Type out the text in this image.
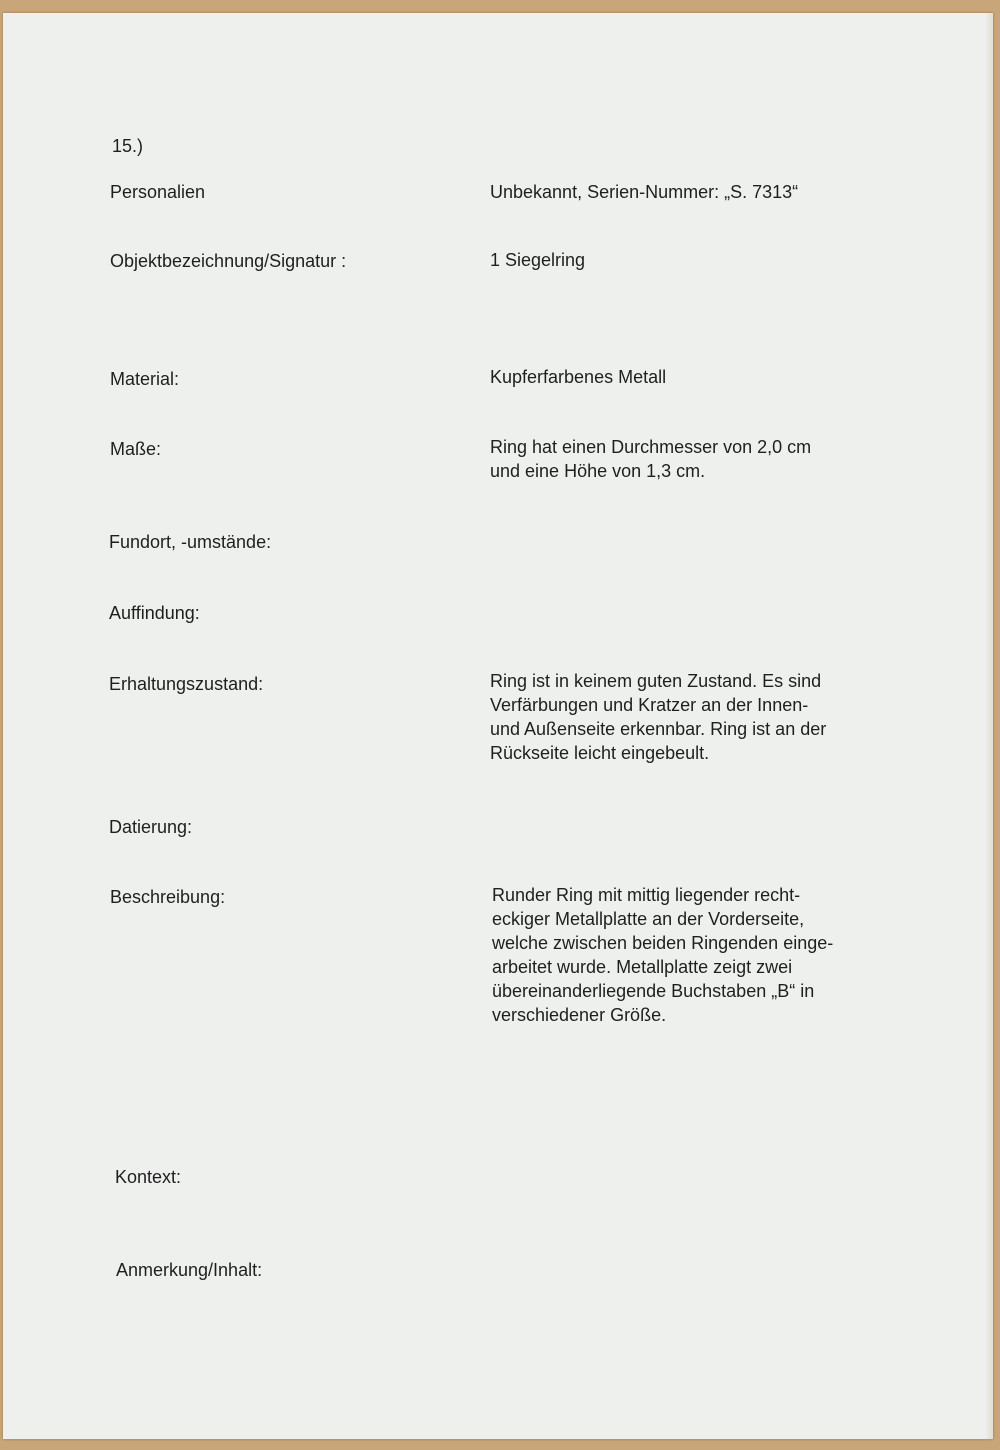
15.)
Personalien	Unbekannt, Serien-Nummer: „S. 7313“
Objektbezeichnung/Signatur :	1 Siegelring
Material:	Kupferfarbenes Metall
Maße:	Ring hat einen Durchmesser von 2,0 cm
und eine Höhe von 1,3 cm.
Fundort, -umstände:
Auffindung:
Erhaltungszustand:	Ring ist in keinem guten Zustand. Es sind
Verfärbungen und Kratzer an der Innen-
und Außenseite erkennbar. Ring ist an der
Rückseite leicht eingebeult.
Datierung:
Beschreibung:	Runder Ring mit mittig liegender recht-
eckiger Metallplatte an der Vorderseite,
welche zwischen beiden Ringenden einge-
arbeitet wurde. Metallplatte zeigt zwei
übereinanderliegende Buchstaben „B“ in
verschiedener Größe.
Kontext:
Anmerkung/Inhalt:
